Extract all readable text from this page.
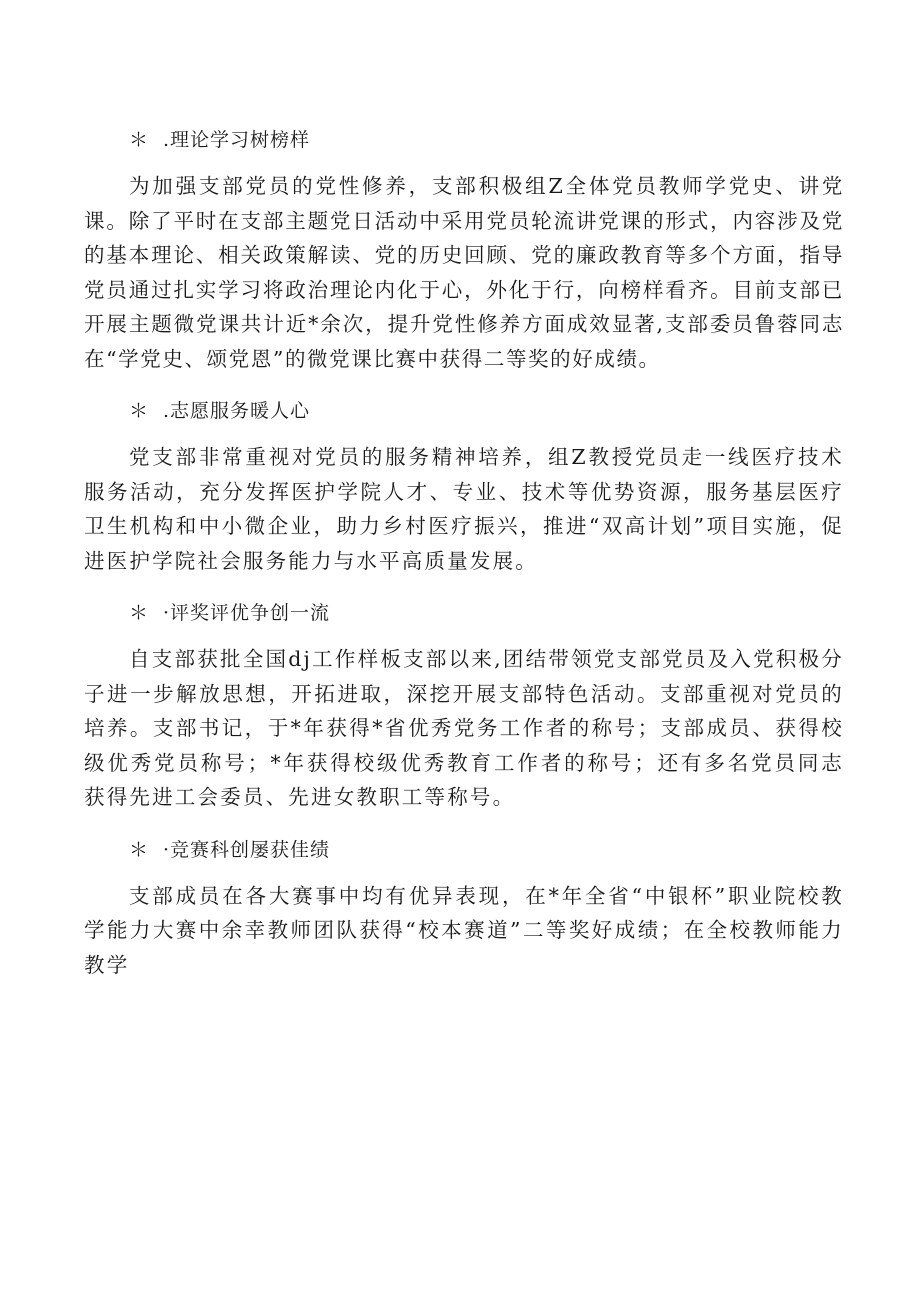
＊ .理论学习树榜样

为加强支部党员的党性修养，支部积极组Z全体党员教师学党史、讲党课。除了平时在支部主题党日活动中采用党员轮流讲党课的形式，内容涉及党的基本理论、相关政策解读、党的历史回顾、党的廉政教育等多个方面，指导党员通过扎实学习将政治理论内化于心，外化于行，向榜样看齐。目前支部已开展主题微党课共计近*余次，提升党性修养方面成效显著,支部委员鲁蓉同志在“学党史、颂党恩”的微党课比赛中获得二等奖的好成绩。

＊ .志愿服务暖人心

党支部非常重视对党员的服务精神培养，组Z教授党员走一线医疗技术服务活动，充分发挥医护学院人才、专业、技术等优势资源，服务基层医疗卫生机构和中小微企业，助力乡村医疗振兴，推进“双高计划”项目实施，促进医护学院社会服务能力与水平高质量发展。

＊ ·评奖评优争创一流

自支部获批全国dj工作样板支部以来,团结带领党支部党员及入党积极分子进一步解放思想，开拓进取，深挖开展支部特色活动。支部重视对党员的培养。支部书记，于*年获得*省优秀党务工作者的称号；支部成员、获得校级优秀党员称号；*年获得校级优秀教育工作者的称号；还有多名党员同志获得先进工会委员、先进女教职工等称号。

＊ ·竞赛科创屡获佳绩

支部成员在各大赛事中均有优异表现，在*年全省“中银杯”职业院校教学能力大赛中余幸教师团队获得“校本赛道”二等奖好成绩；在全校教师能力教学
